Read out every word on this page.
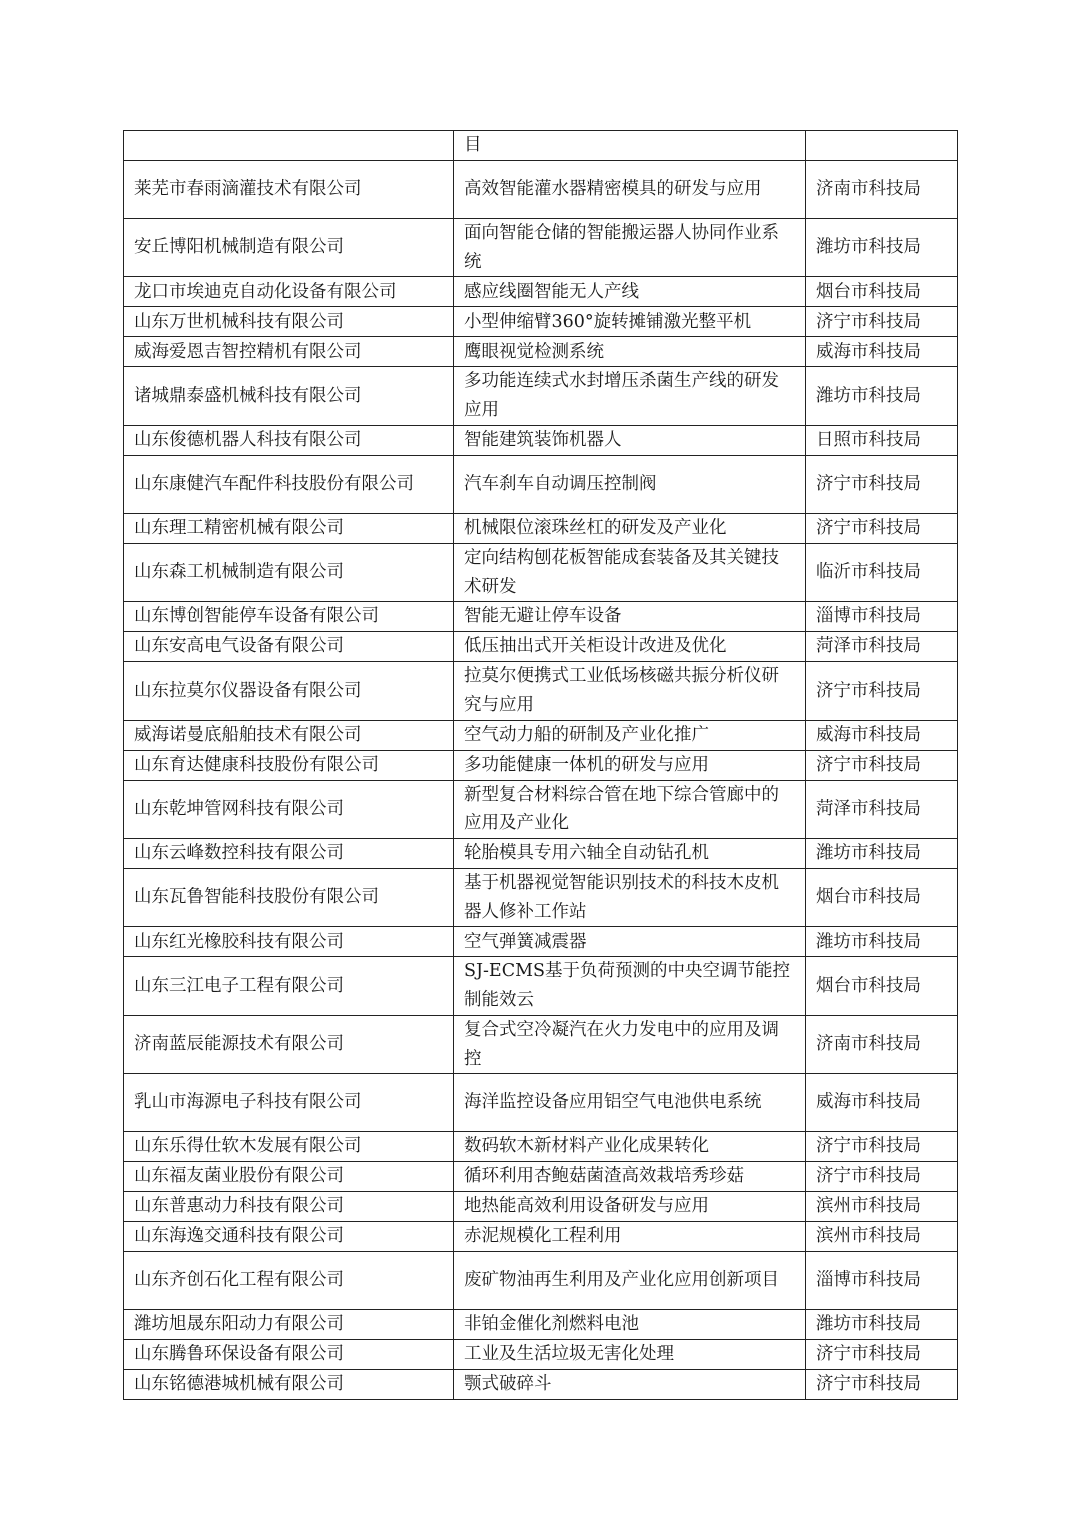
	目	
莱芜市春雨滴灌技术有限公司	高效智能灌水器精密模具的研发与应用	济南市科技局
安丘博阳机械制造有限公司	面向智能仓储的智能搬运器人协同作业系统	潍坊市科技局
龙口市埃迪克自动化设备有限公司	感应线圈智能无人产线	烟台市科技局
山东万世机械科技有限公司	小型伸缩臂360°旋转摊铺激光整平机	济宁市科技局
威海爱恩吉智控精机有限公司	鹰眼视觉检测系统	威海市科技局
诸城鼎泰盛机械科技有限公司	多功能连续式水封增压杀菌生产线的研发应用	潍坊市科技局
山东俊德机器人科技有限公司	智能建筑装饰机器人	日照市科技局
山东康健汽车配件科技股份有限公司	汽车刹车自动调压控制阀	济宁市科技局
山东理工精密机械有限公司	机械限位滚珠丝杠的研发及产业化	济宁市科技局
山东森工机械制造有限公司	定向结构刨花板智能成套装备及其关键技术研发	临沂市科技局
山东博创智能停车设备有限公司	智能无避让停车设备	淄博市科技局
山东安高电气设备有限公司	低压抽出式开关柜设计改进及优化	菏泽市科技局
山东拉莫尔仪器设备有限公司	拉莫尔便携式工业低场核磁共振分析仪研究与应用	济宁市科技局
威海诺曼底船舶技术有限公司	空气动力船的研制及产业化推广	威海市科技局
山东育达健康科技股份有限公司	多功能健康一体机的研发与应用	济宁市科技局
山东乾坤管网科技有限公司	新型复合材料综合管在地下综合管廊中的应用及产业化	菏泽市科技局
山东云峰数控科技有限公司	轮胎模具专用六轴全自动钻孔机	潍坊市科技局
山东瓦鲁智能科技股份有限公司	基于机器视觉智能识别技术的科技木皮机器人修补工作站	烟台市科技局
山东红光橡胶科技有限公司	空气弹簧减震器	潍坊市科技局
山东三江电子工程有限公司	SJ-ECMS基于负荷预测的中央空调节能控制能效云	烟台市科技局
济南蓝辰能源技术有限公司	复合式空冷凝汽在火力发电中的应用及调控	济南市科技局
乳山市海源电子科技有限公司	海洋监控设备应用铝空气电池供电系统	威海市科技局
山东乐得仕软木发展有限公司	数码软木新材料产业化成果转化	济宁市科技局
山东福友菌业股份有限公司	循环利用杏鲍菇菌渣高效栽培秀珍菇	济宁市科技局
山东普惠动力科技有限公司	地热能高效利用设备研发与应用	滨州市科技局
山东海逸交通科技有限公司	赤泥规模化工程利用	滨州市科技局
山东齐创石化工程有限公司	废矿物油再生利用及产业化应用创新项目	淄博市科技局
潍坊旭晟东阳动力有限公司	非铂金催化剂燃料电池	潍坊市科技局
山东腾鲁环保设备有限公司	工业及生活垃圾无害化处理	济宁市科技局
山东铭德港城机械有限公司	颚式破碎斗	济宁市科技局
